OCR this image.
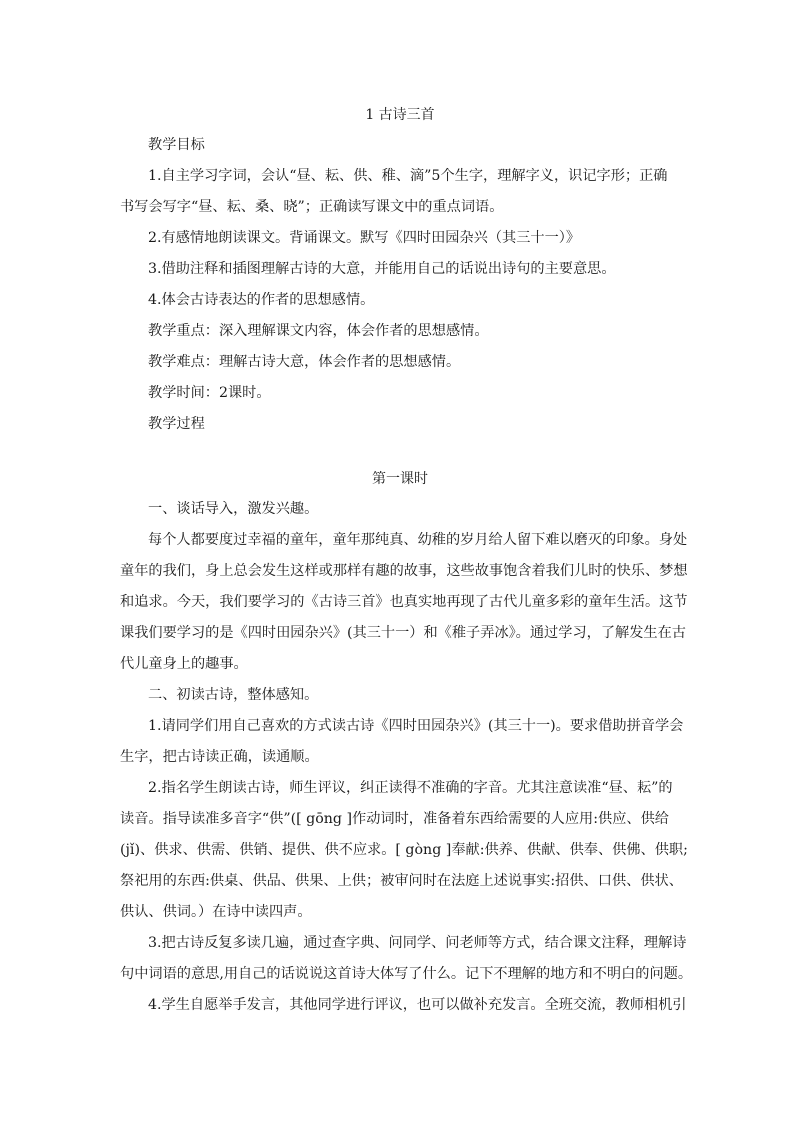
1 古诗三首

教学目标

1.自主学习字词，会认“昼、耘、供、稚、滴”5个生字，理解字义，识记字形；正确
书写会写字“昼、耘、桑、晓”；正确读写课文中的重点词语。

2.有感情地朗读课文。背诵课文。默写《四时田园杂兴（其三十一）》

3.借助注释和插图理解古诗的大意，并能用自己的话说出诗句的主要意思。

4.体会古诗表达的作者的思想感情。

教学重点：深入理解课文内容，体会作者的思想感情。

教学难点：理解古诗大意，体会作者的思想感情。

教学时间：2课时。

教学过程

第一课时

一、谈话导入，激发兴趣。

每个人都要度过幸福的童年，童年那纯真、幼稚的岁月给人留下难以磨灭的印象。身处
童年的我们，身上总会发生这样或那样有趣的故事，这些故事饱含着我们儿时的快乐、梦想
和追求。今天，我们要学习的《古诗三首》也真实地再现了古代儿童多彩的童年生活。这节
课我们要学习的是《四时田园杂兴》(其三十一）和《稚子弄冰》。通过学习，了解发生在古
代儿童身上的趣事。

二、初读古诗，整体感知。

1.请同学们用自己喜欢的方式读古诗《四时田园杂兴》(其三十一)。要求借助拼音学会
生字，把古诗读正确，读通顺。
2.指名学生朗读古诗，师生评议，纠正读得不准确的字音。尤其注意读准“昼、耘”的
读音。指导读准多音字“供”([ gōng ]作动词时，准备着东西给需要的人应用:供应、供给
(jǐ)、供求、供需、供销、提供、供不应求。[ gòng ]奉献:供养、供献、供奉、供佛、供职;
祭祀用的东西:供桌、供品、供果、上供；被审问时在法庭上述说事实:招供、口供、供状、
供认、供词。）在诗中读四声。
3.把古诗反复多读几遍，通过查字典、问同学、问老师等方式，结合课文注释，理解诗
句中词语的意思,用自己的话说说这首诗大体写了什么。记下不理解的地方和不明白的问题。
4.学生自愿举手发言，其他同学进行评议，也可以做补充发言。全班交流，教师相机引
